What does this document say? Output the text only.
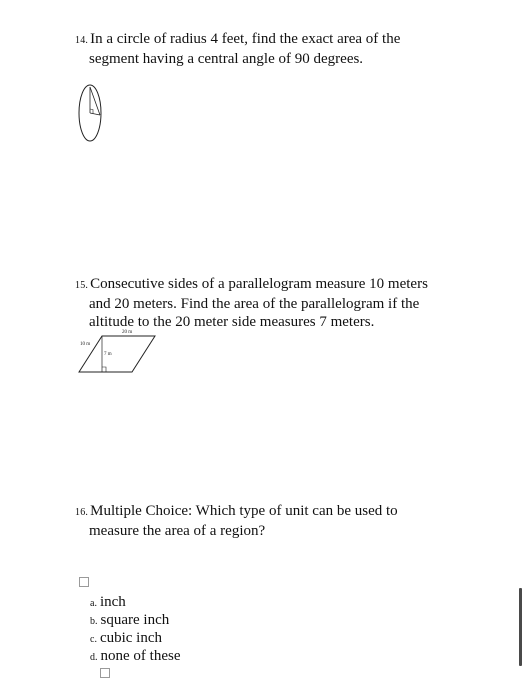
14. In a circle of radius 4 feet, find the exact area of the
segment having a central angle of 90 degrees.
15. Consecutive sides of a parallelogram measure 10 meters
and 20 meters. Find the area of the parallelogram if the
altitude to the 20 meter side measures 7 meters.
20 m
10 m
7 m
16. Multiple Choice: Which type of unit can be used to
measure the area of a region?
a. inch
b. square inch
c. cubic inch
d. none of these
